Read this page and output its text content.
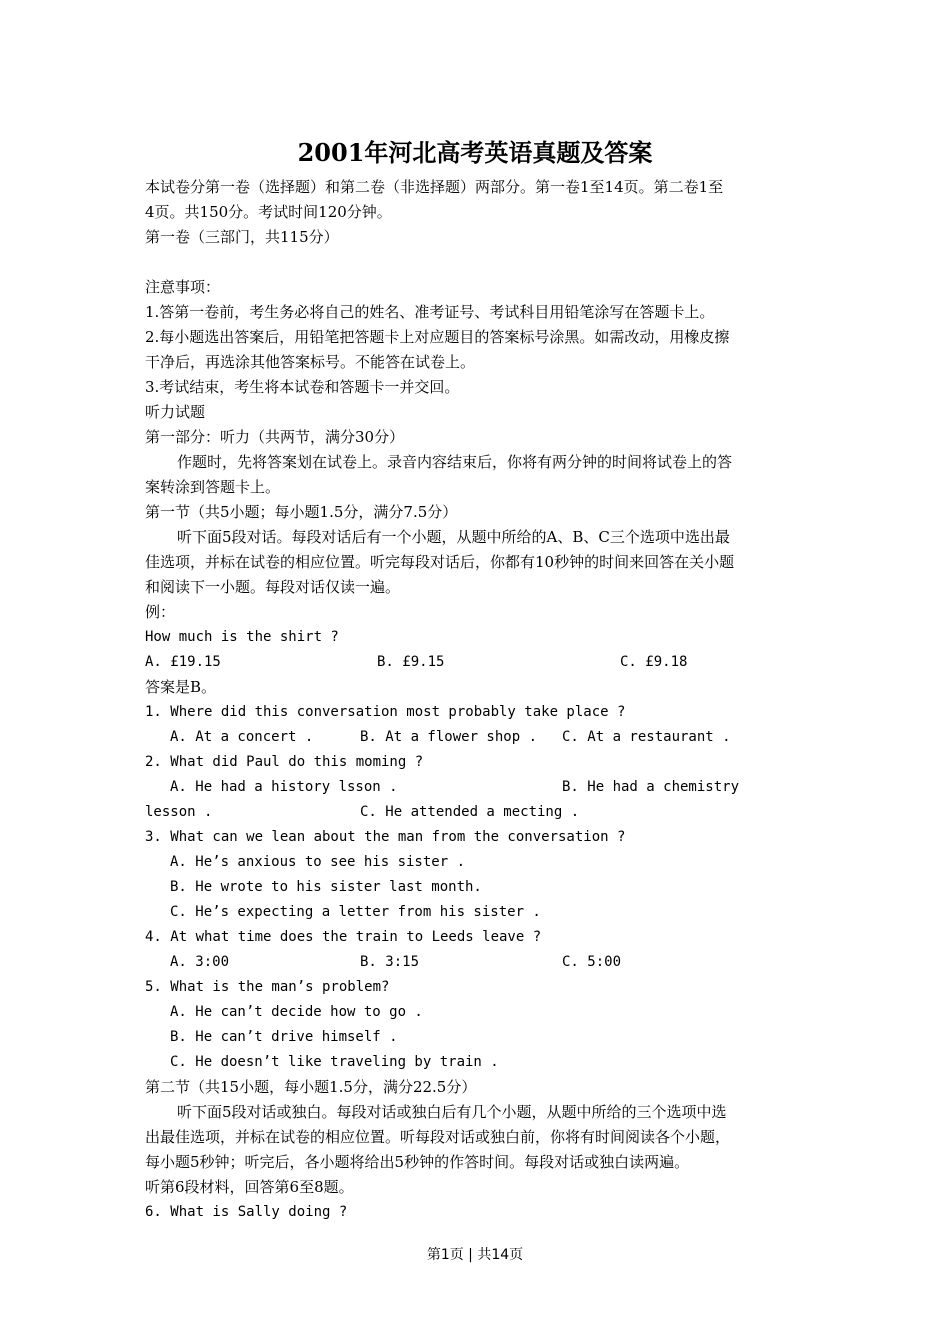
2001年河北高考英语真题及答案
本试卷分第一卷（选择题）和第二卷（非选择题）两部分。第一卷1至14页。第二卷1至
4页。共150分。考试时间120分钟。
第一卷（三部门，共115分）
注意事项：
1.答第一卷前，考生务必将自己的姓名、准考证号、考试科目用铅笔涂写在答题卡上。
2.每小题选出答案后，用铅笔把答题卡上对应题目的答案标号涂黑。如需改动，用橡皮擦
干净后，再选涂其他答案标号。不能答在试卷上。
3.考试结束，考生将本试卷和答题卡一并交回。
听力试题
第一部分：听力（共两节，满分30分）
作题时，先将答案划在试卷上。录音内容结束后，你将有两分钟的时间将试卷上的答
案转涂到答题卡上。
第一节（共5小题；每小题1.5分，满分7.5分）
听下面5段对话。每段对话后有一个小题，从题中所给的A、B、C三个选项中选出最
佳选项，并标在试卷的相应位置。听完每段对话后，你都有10秒钟的时间来回答在关小题
和阅读下一小题。每段对话仅读一遍。
例：
How much is the shirt ?
A. £19.15	B. £9.15	C. £9.18
答案是B。
1. Where did this conversation most probably take place ?
A. At a concert .	B. At a flower shop . C. At a restaurant .
2. What did Paul do this moming ?
A. He had a history lsson .	B. He had a chemistry
lesson .	C. He attended a mecting .
3. What can we lean about the man from the conversation ?
A. He’s anxious to see his sister .
B. He wrote to his sister last month.
C. He’s expecting a letter from his sister .
4. At what time does the train to Leeds leave ?
A. 3:00	B. 3:15	C. 5:00
5. What is the man’s problem?
A. He can’t decide how to go .
B. He can’t drive himself .
C. He doesn’t like traveling by train .
第二节（共15小题，每小题1.5分，满分22.5分）
听下面5段对话或独白。每段对话或独白后有几个小题，从题中所给的三个选项中选
出最佳选项，并标在试卷的相应位置。听每段对话或独白前，你将有时间阅读各个小题，
每小题5秒钟；听完后，各小题将给出5秒钟的作答时间。每段对话或独白读两遍。
听第6段材料，回答第6至8题。
6. What is Sally doing ?
第1页 | 共14页
